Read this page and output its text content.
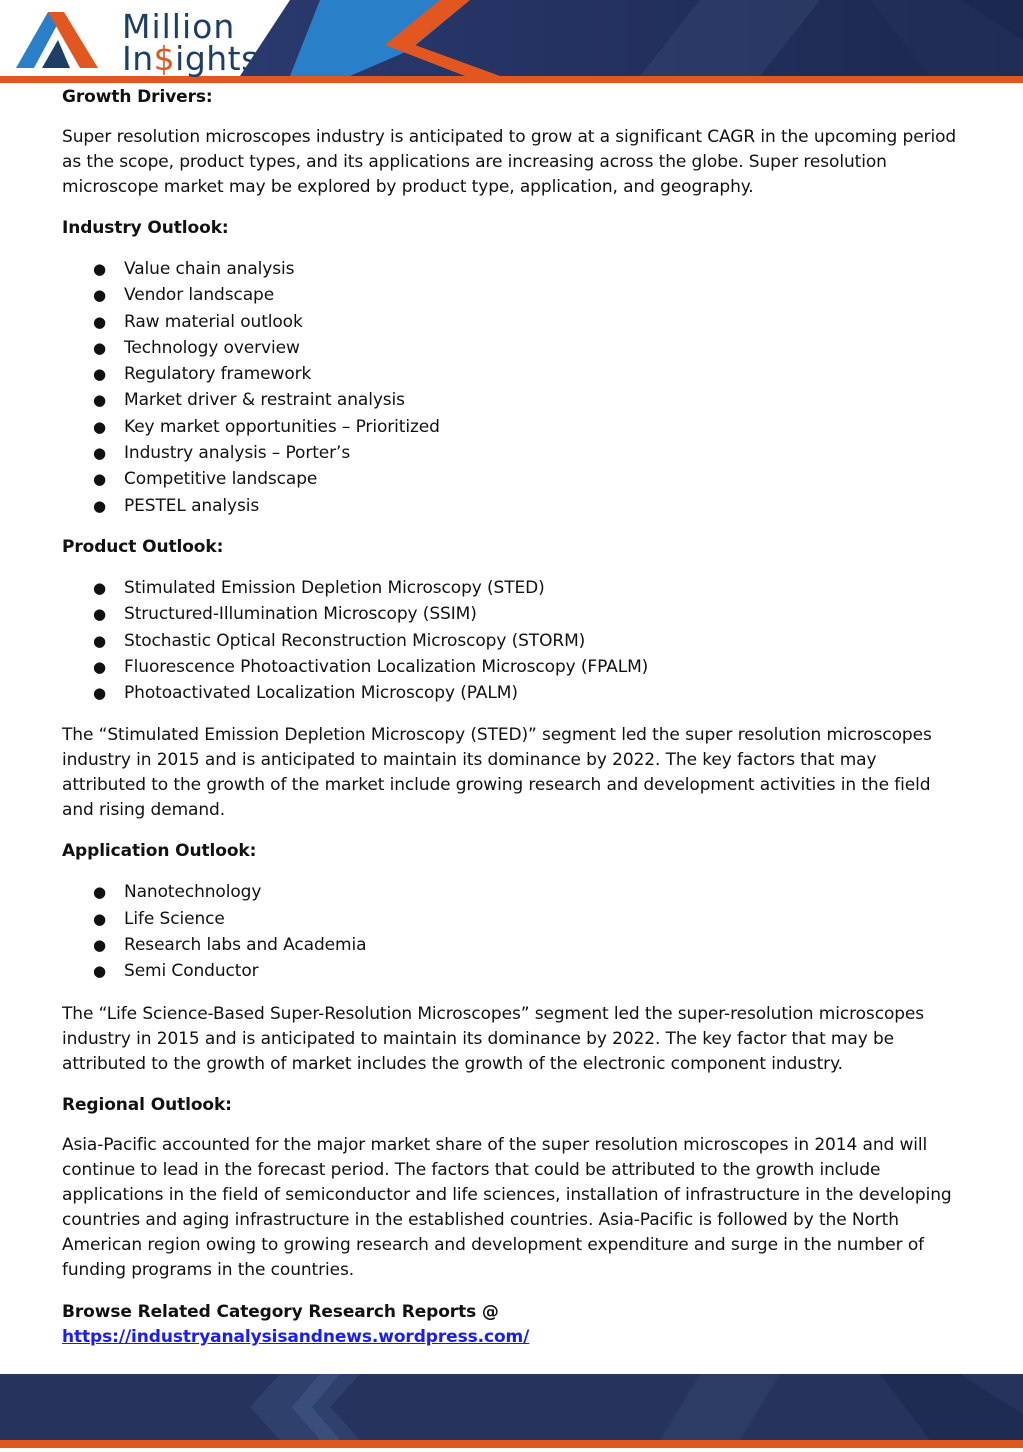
Million
In$ights
Growth Drivers:

Super resolution microscopes industry is anticipated to grow at a significant CAGR in the upcoming period as the scope, product types, and its applications are increasing across the globe. Super resolution microscope market may be explored by product type, application, and geography.

Industry Outlook:
● Value chain analysis
● Vendor landscape
● Raw material outlook
● Technology overview
● Regulatory framework
● Market driver & restraint analysis
● Key market opportunities – Prioritized
● Industry analysis – Porter’s
● Competitive landscape
● PESTEL analysis
Product Outlook:
● Stimulated Emission Depletion Microscopy (STED)
● Structured-Illumination Microscopy (SSIM)
● Stochastic Optical Reconstruction Microscopy (STORM)
● Fluorescence Photoactivation Localization Microscopy (FPALM)
● Photoactivated Localization Microscopy (PALM)

The “Stimulated Emission Depletion Microscopy (STED)” segment led the super resolution microscopes industry in 2015 and is anticipated to maintain its dominance by 2022. The key factors that may attributed to the growth of the market include growing research and development activities in the field and rising demand.

Application Outlook:
● Nanotechnology
● Life Science
● Research labs and Academia
● Semi Conductor

The “Life Science-Based Super-Resolution Microscopes” segment led the super-resolution microscopes industry in 2015 and is anticipated to maintain its dominance by 2022. The key factor that may be attributed to the growth of market includes the growth of the electronic component industry.

Regional Outlook:

Asia-Pacific accounted for the major market share of the super resolution microscopes in 2014 and will continue to lead in the forecast period. The factors that could be attributed to the growth include applications in the field of semiconductor and life sciences, installation of infrastructure in the developing countries and aging infrastructure in the established countries. Asia-Pacific is followed by the North American region owing to growing research and development expenditure and surge in the number of funding programs in the countries.

Browse Related Category Research Reports @ https://industryanalysisandnews.wordpress.com/
